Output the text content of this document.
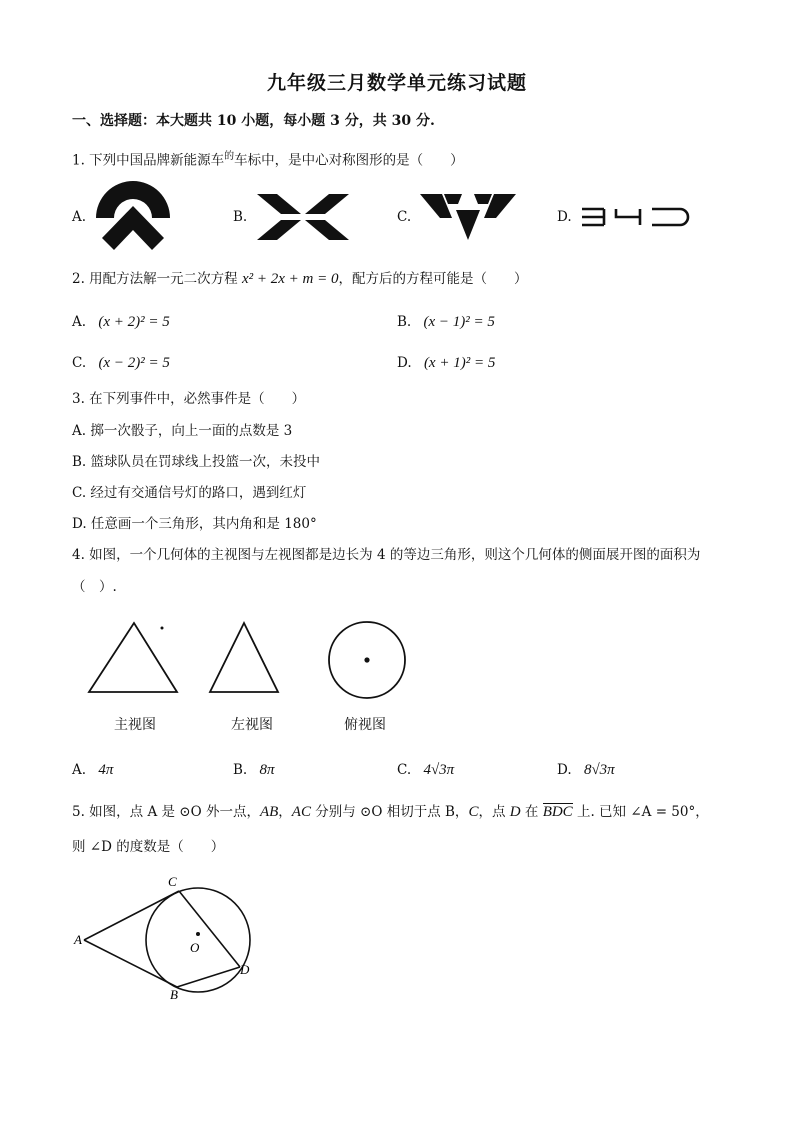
九年级三月数学单元练习试题
一、选择题：本大题共 10 小题，每小题 3 分，共 30 分.
1. 下列中国品牌新能源车$^的$车标中，是中心对称图形的是（　　）
A.	B.	C.	D.
2. 用配方法解一元二次方程 x² + 2x + m = 0，配方后的方程可能是（　　）
A. (x + 2)² = 5	B. (x − 1)² = 5
C. (x − 2)² = 5	D. (x + 1)² = 5
3. 在下列事件中，必然事件是（　　）
A. 掷一次骰子，向上一面的点数是 3
B. 篮球队员在罚球线上投篮一次，未投中
C. 经过有交通信号灯的路口，遇到红灯
D. 任意画一个三角形，其内角和是 180°
4. 如图，一个几何体的主视图与左视图都是边长为 4 的等边三角形，则这个几何体的侧面展开图的面积为
（　）.
主视图	左视图	俯视图
A. 4π	B. 8π	C. 4√3π	D. 8√3π
5. 如图，点 A 是 ⊙O 外一点，AB，AC 分别与 ⊙O 相切于点 B，C，点 D 在 BDC 上. 已知 ∠A = 50°，
则 ∠D 的度数是（　　）
A
C
O
D
B
